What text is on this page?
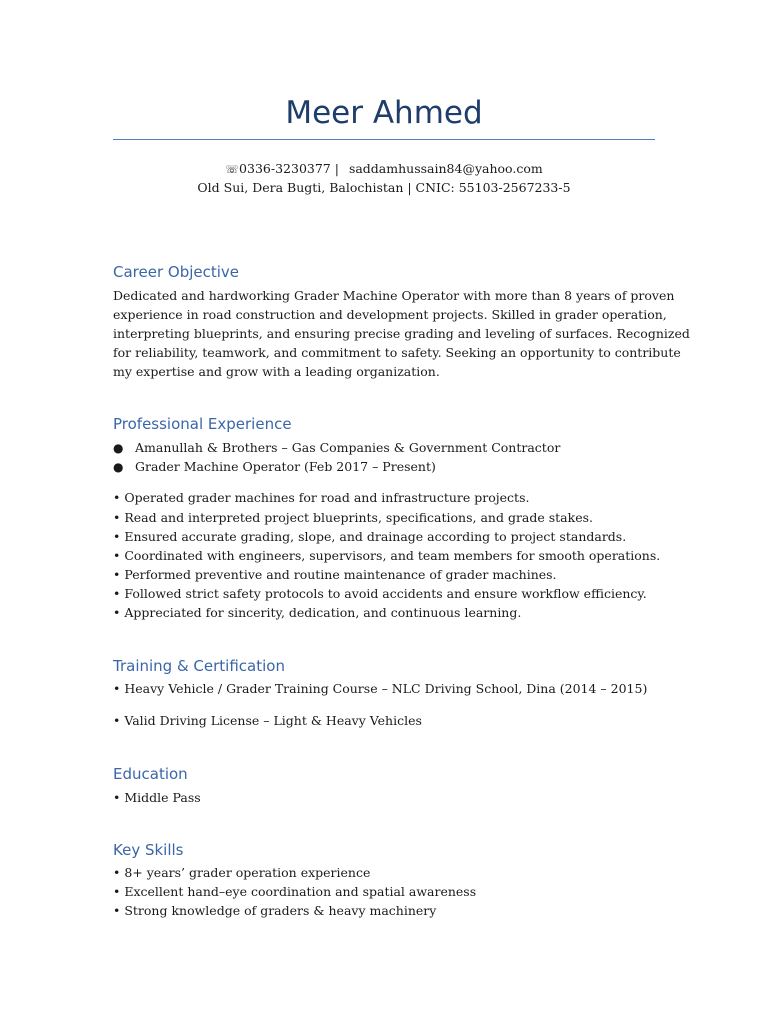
Meer Ahmed
☏0336-3230377 | saddamhussain84@yahoo.com
Old Sui, Dera Bugti, Balochistan | CNIC: 55103-2567233-5
Career Objective
Dedicated and hardworking Grader Machine Operator with more than 8 years of proven
experience in road construction and development projects. Skilled in grader operation,
interpreting blueprints, and ensuring precise grading and leveling of surfaces. Recognized
for reliability, teamwork, and commitment to safety. Seeking an opportunity to contribute
my expertise and grow with a leading organization.
Professional Experience
● Amanullah & Brothers – Gas Companies & Government Contractor
● Grader Machine Operator (Feb 2017 – Present)
• Operated grader machines for road and infrastructure projects.
• Read and interpreted project blueprints, specifications, and grade stakes.
• Ensured accurate grading, slope, and drainage according to project standards.
• Coordinated with engineers, supervisors, and team members for smooth operations.
• Performed preventive and routine maintenance of grader machines.
• Followed strict safety protocols to avoid accidents and ensure workflow efficiency.
• Appreciated for sincerity, dedication, and continuous learning.
Training & Certification
• Heavy Vehicle / Grader Training Course – NLC Driving School, Dina (2014 – 2015)
• Valid Driving License – Light & Heavy Vehicles
Education
• Middle Pass
Key Skills
• 8+ years’ grader operation experience
• Excellent hand–eye coordination and spatial awareness
• Strong knowledge of graders & heavy machinery
